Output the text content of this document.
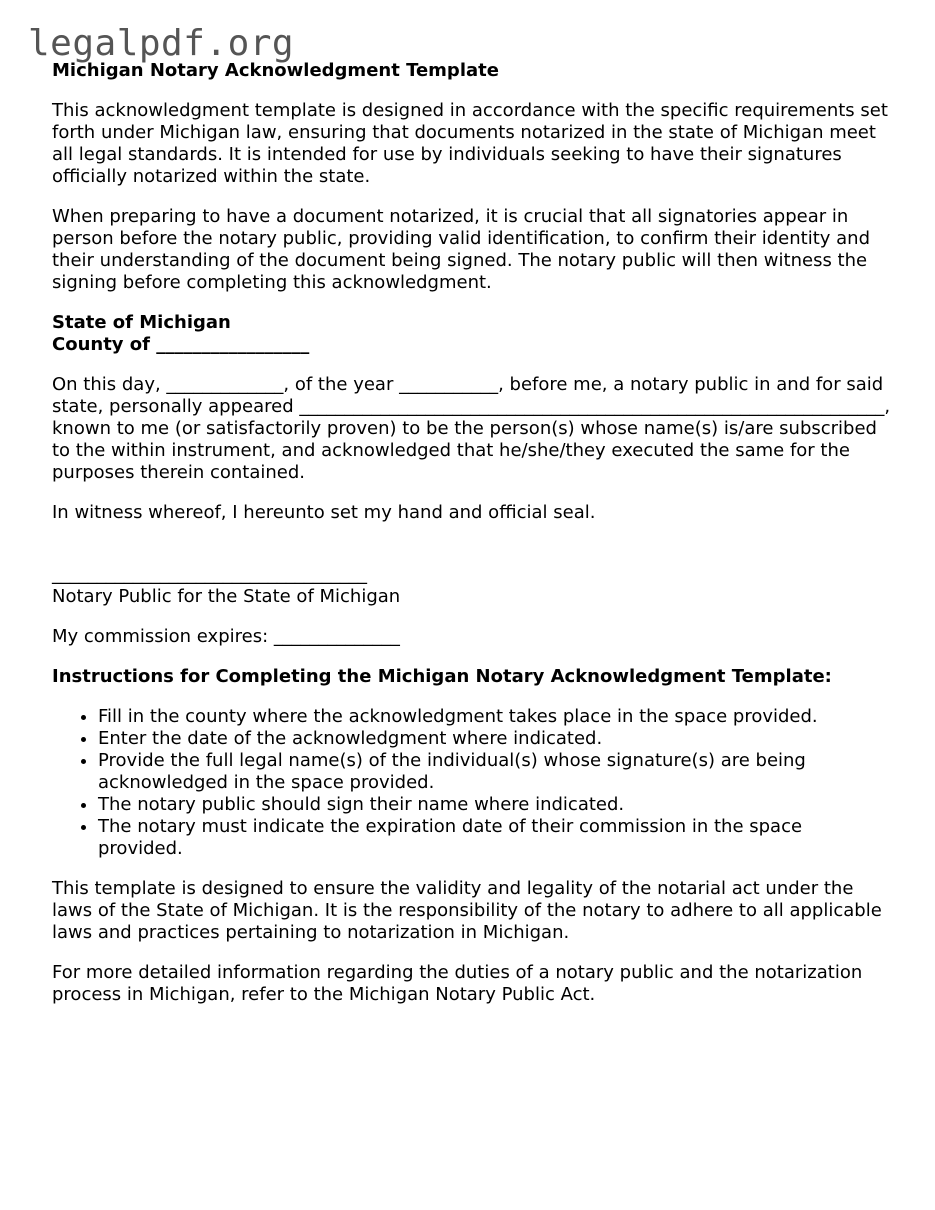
legalpdf.org
Michigan Notary Acknowledgment Template

This acknowledgment template is designed in accordance with the specific requirements set forth under Michigan law, ensuring that documents notarized in the state of Michigan meet all legal standards. It is intended for use by individuals seeking to have their signatures officially notarized within the state.

When preparing to have a document notarized, it is crucial that all signatories appear in person before the notary public, providing valid identification, to confirm their identity and their understanding of the document being signed. The notary public will then witness the signing before completing this acknowledgment.

State of Michigan
County of _________________

On this day, _____________, of the year ___________, before me, a notary public in and for said state, personally appeared _________________________________________________________________, known to me (or satisfactorily proven) to be the person(s) whose name(s) is/are subscribed to the within instrument, and acknowledged that he/she/they executed the same for the purposes therein contained.

In witness whereof, I hereunto set my hand and official seal.

___________________________________
Notary Public for the State of Michigan

My commission expires: ______________

Instructions for Completing the Michigan Notary Acknowledgment Template:
• Fill in the county where the acknowledgment takes place in the space provided.
• Enter the date of the acknowledgment where indicated.
• Provide the full legal name(s) of the individual(s) whose signature(s) are being acknowledged in the space provided.
• The notary public should sign their name where indicated.
• The notary must indicate the expiration date of their commission in the space provided.

This template is designed to ensure the validity and legality of the notarial act under the laws of the State of Michigan. It is the responsibility of the notary to adhere to all applicable laws and practices pertaining to notarization in Michigan.

For more detailed information regarding the duties of a notary public and the notarization process in Michigan, refer to the Michigan Notary Public Act.
